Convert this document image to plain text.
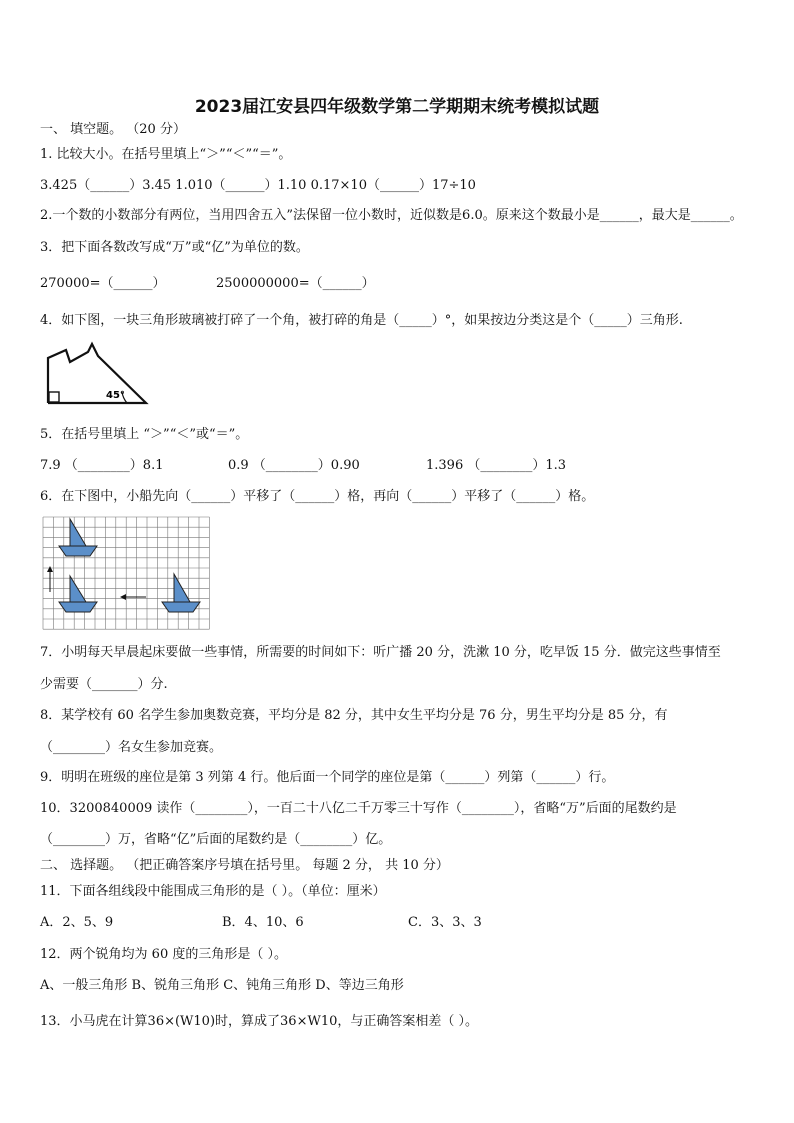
2023届江安县四年级数学第二学期期末统考模拟试题
一、 填空题。 （20 分）
1. 比较大小。在括号里填上“＞”“＜”“＝”。
3.425（______）3.45 1.010（______）1.10 0.17×10（______）17÷10
2.一个数的小数部分有两位，当用四舍五入”法保留一位小数时，近似数是6.0。原来这个数最小是______，最大是______。
3．把下面各数改写成“万”或“亿”为单位的数。
270000=（______）	2500000000=（______）
4．如下图，一块三角形玻璃被打碎了一个角，被打碎的角是（_____）°，如果按边分类这是个（_____）三角形.
45°
5．在括号里填上 “＞”“＜”或“＝”。
7.9 （________）8.1	0.9 （________）0.90	1.396 （________）1.3
6．在下图中，小船先向（______）平移了（______）格，再向（______）平移了（______）格。
7．小明每天早晨起床要做一些事情，所需要的时间如下：听广播 20 分，洗漱 10 分，吃早饭 15 分．做完这些事情至
少需要（_______）分.
8．某学校有 60 名学生参加奥数竞赛，平均分是 82 分，其中女生平均分是 76 分，男生平均分是 85 分，有
（________）名女生参加竞赛。
9．明明在班级的座位是第 3 列第 4 行。他后面一个同学的座位是第（______）列第（______）行。
10．3200840009 读作（________），一百二十八亿二千万零三十写作（________），省略“万”后面的尾数约是
（________）万，省略“亿”后面的尾数约是（________）亿。
二、 选择题。 （把正确答案序号填在括号里。 每题 2 分， 共 10 分）
11．下面各组线段中能围成三角形的是（ ）。（单位：厘米）
A．2、5、9	B．4、10、6	C．3、3、3
12．两个锐角均为 60 度的三角形是（ ）。
A、一般三角形 B、锐角三角形 C、钝角三角形 D、等边三角形
13．小马虎在计算36×(W10)时，算成了36×W10，与正确答案相差（ ）。
